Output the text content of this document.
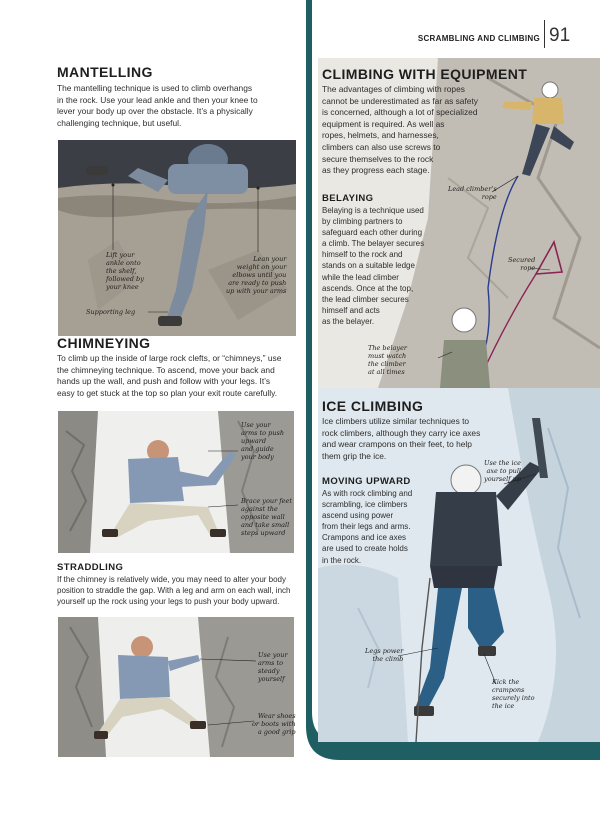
SCRAMBLING AND CLIMBING 91
MANTELLING
The mantelling technique is used to climb overhangs
in the rock. Use your lead ankle and then your knee to
lever your body up over the obstacle. It’s a physically
challenging technique, but useful.
Lift your
ankle onto
the shelf,
followed by
your knee
Lean your
weight on your
elbows until you
are ready to push
up with your arms
Supporting leg
CHIMNEYING
To climb up the inside of large rock clefts, or “chimneys,” use
the chimneying technique. To ascend, move your back and
hands up the wall, and push and follow with your legs. It’s
easy to get stuck at the top so plan your exit route carefully.
Use your
arms to push
upward
and guide
your body
Brace your feet
against the
opposite wall
and take small
steps upward
STRADDLING
If the chimney is relatively wide, you may need to alter your body
position to straddle the gap. With a leg and arm on each wall, inch
yourself up the rock using your legs to push your body upward.
Use your
arms to
steady
yourself
Wear shoes
or boots with
a good grip
CLIMBING WITH EQUIPMENT
The advantages of climbing with ropes
cannot be underestimated as far as safety
is concerned, although a lot of specialized
equipment is required. As well as
ropes, helmets, and harnesses,
climbers can also use screws to
secure themselves to the rock
as they progress each stage.
BELAYING
Belaying is a technique used
by climbing partners to
safeguard each other during
a climb. The belayer secures
himself to the rock and
stands on a suitable ledge
while the lead climber
ascends. Once at the top,
the lead climber secures
himself and acts
as the belayer.
Lead climber’s
rope
Secured
rope
The belayer
must watch
the climber
at all times
ICE CLIMBING
Ice climbers utilize similar techniques to
rock climbers, although they carry ice axes
and wear crampons on their feet, to help
them grip the ice.
MOVING UPWARD
As with rock climbing and
scrambling, ice climbers
ascend using power
from their legs and arms.
Crampons and ice axes
are used to create holds
in the rock.
Use the ice
axe to pull
yourself up
Legs power
the climb
Kick the
crampons
securely into
the ice
